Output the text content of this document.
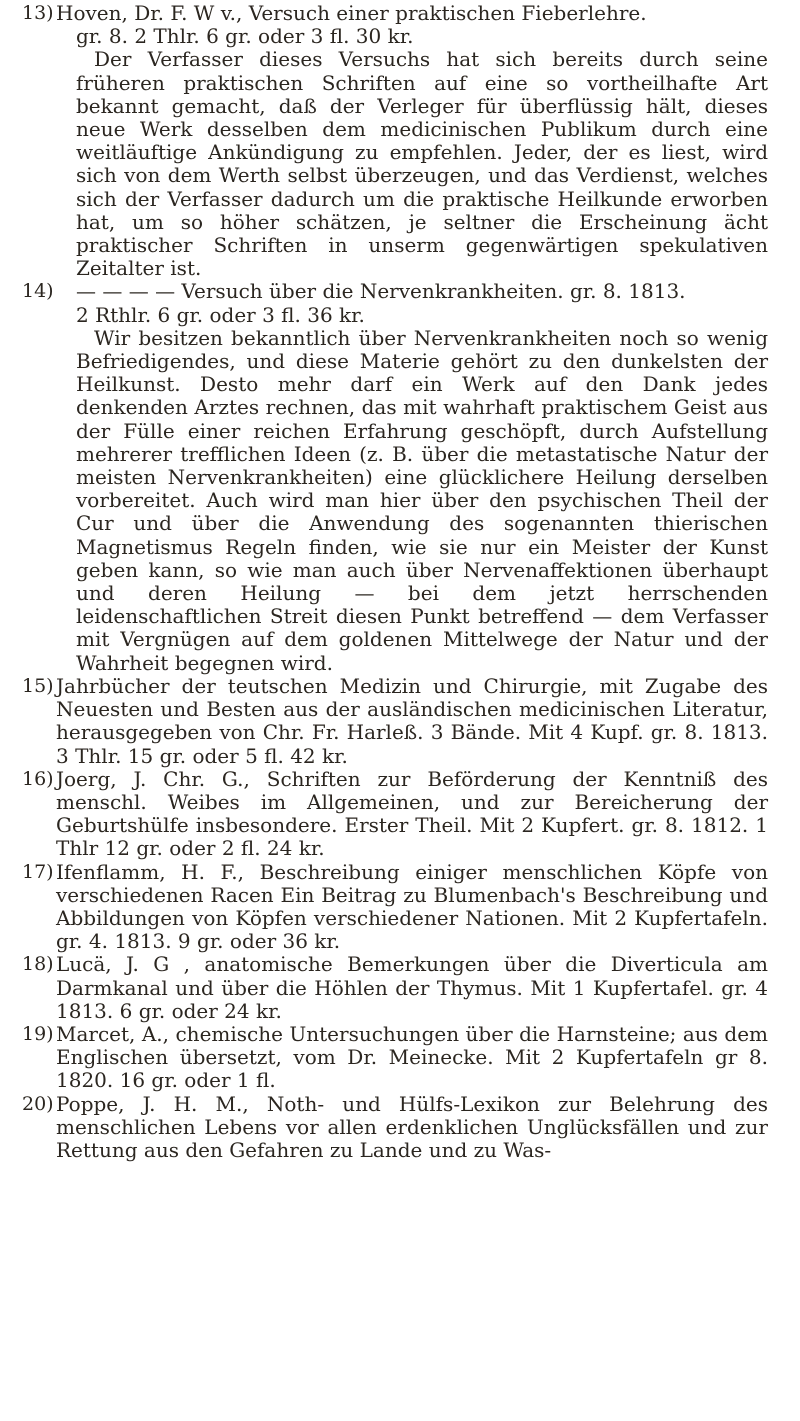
13) Hoven, Dr. F. W v., Versuch einer praktischen Fieberlehre.
gr. 8. 2 Thlr. 6 gr. oder 3 fl. 30 kr.
Der Verfasser dieses Versuchs hat sich bereits durch seine früheren praktischen Schriften auf eine so vortheilhafte Art bekannt gemacht, daß der Verleger für überflüssig hält, dieses neue Werk desselben dem medicinischen Publikum durch eine weitläuftige Ankündigung zu empfehlen. Jeder, der es liest, wird sich von dem Werth selbst überzeugen, und das Verdienst, welches sich der Verfasser dadurch um die praktische Heilkunde erworben hat, um so höher schätzen, je seltner die Erscheinung ächt praktischer Schriften in unserm gegenwärtigen spekulativen Zeitalter ist.

14)	— — — — Versuch über die Nervenkrankheiten. gr. 8. 1813.
2 Rthlr. 6 gr. oder 3 fl. 36 kr.
Wir besitzen bekanntlich über Nervenkrankheiten noch so wenig Befriedigendes, und diese Materie gehört zu den dunkelsten der Heilkunst. Desto mehr darf ein Werk auf den Dank jedes denkenden Arztes rechnen, das mit wahrhaft praktischem Geist aus der Fülle einer reichen Erfahrung geschöpft, durch Aufstellung mehrerer trefflichen Ideen (z. B. über die metastatische Natur der meisten Nervenkrankheiten) eine glücklichere Heilung derselben vorbereitet. Auch wird man hier über den psychischen Theil der Cur und über die Anwendung des sogenannten thierischen Magnetismus Regeln finden, wie sie nur ein Meister der Kunst geben kann, so wie man auch über Nervenaffektionen überhaupt und deren Heilung — bei dem jetzt herrschenden leidenschaftlichen Streit diesen Punkt betreffend — dem Verfasser mit Vergnügen auf dem goldenen Mittelwege der Natur und der Wahrheit begegnen wird.

15) Jahrbücher der teutschen Medizin und Chirurgie, mit Zugabe des Neuesten und Besten aus der ausländischen medicinischen Literatur, herausgegeben von Chr. Fr. Harleß. 3 Bände. Mit 4 Kupf. gr. 8. 1813. 3 Thlr. 15 gr. oder 5 fl. 42 kr.

16) Joerg, J. Chr. G., Schriften zur Beförderung der Kenntniß des menschl. Weibes im Allgemeinen, und zur Bereicherung der Geburtshülfe insbesondere. Erster Theil. Mit 2 Kupfert. gr. 8. 1812. 1 Thlr 12 gr. oder 2 fl. 24 kr.

17) Ifenflamm, H. F., Beschreibung einiger menschlichen Köpfe von verschiedenen Racen Ein Beitrag zu Blumenbach's Beschreibung und Abbildungen von Köpfen verschiedener Nationen. Mit 2 Kupfertafeln. gr. 4. 1813. 9 gr. oder 36 kr.

18) Lucä, J. G , anatomische Bemerkungen über die Diverticula am Darmkanal und über die Höhlen der Thymus. Mit 1 Kupfertafel. gr. 4 1813. 6 gr. oder 24 kr.

19) Marcet, A., chemische Untersuchungen über die Harnsteine; aus dem Englischen übersetzt, vom Dr. Meinecke. Mit 2 Kupfertafeln gr 8. 1820. 16 gr. oder 1 fl.

20) Poppe, J. H. M., Noth- und Hülfs-Lexikon zur Belehrung des menschlichen Lebens vor allen erdenklichen Unglücksfällen und zur Rettung aus den Gefahren zu Lande und zu Was-
